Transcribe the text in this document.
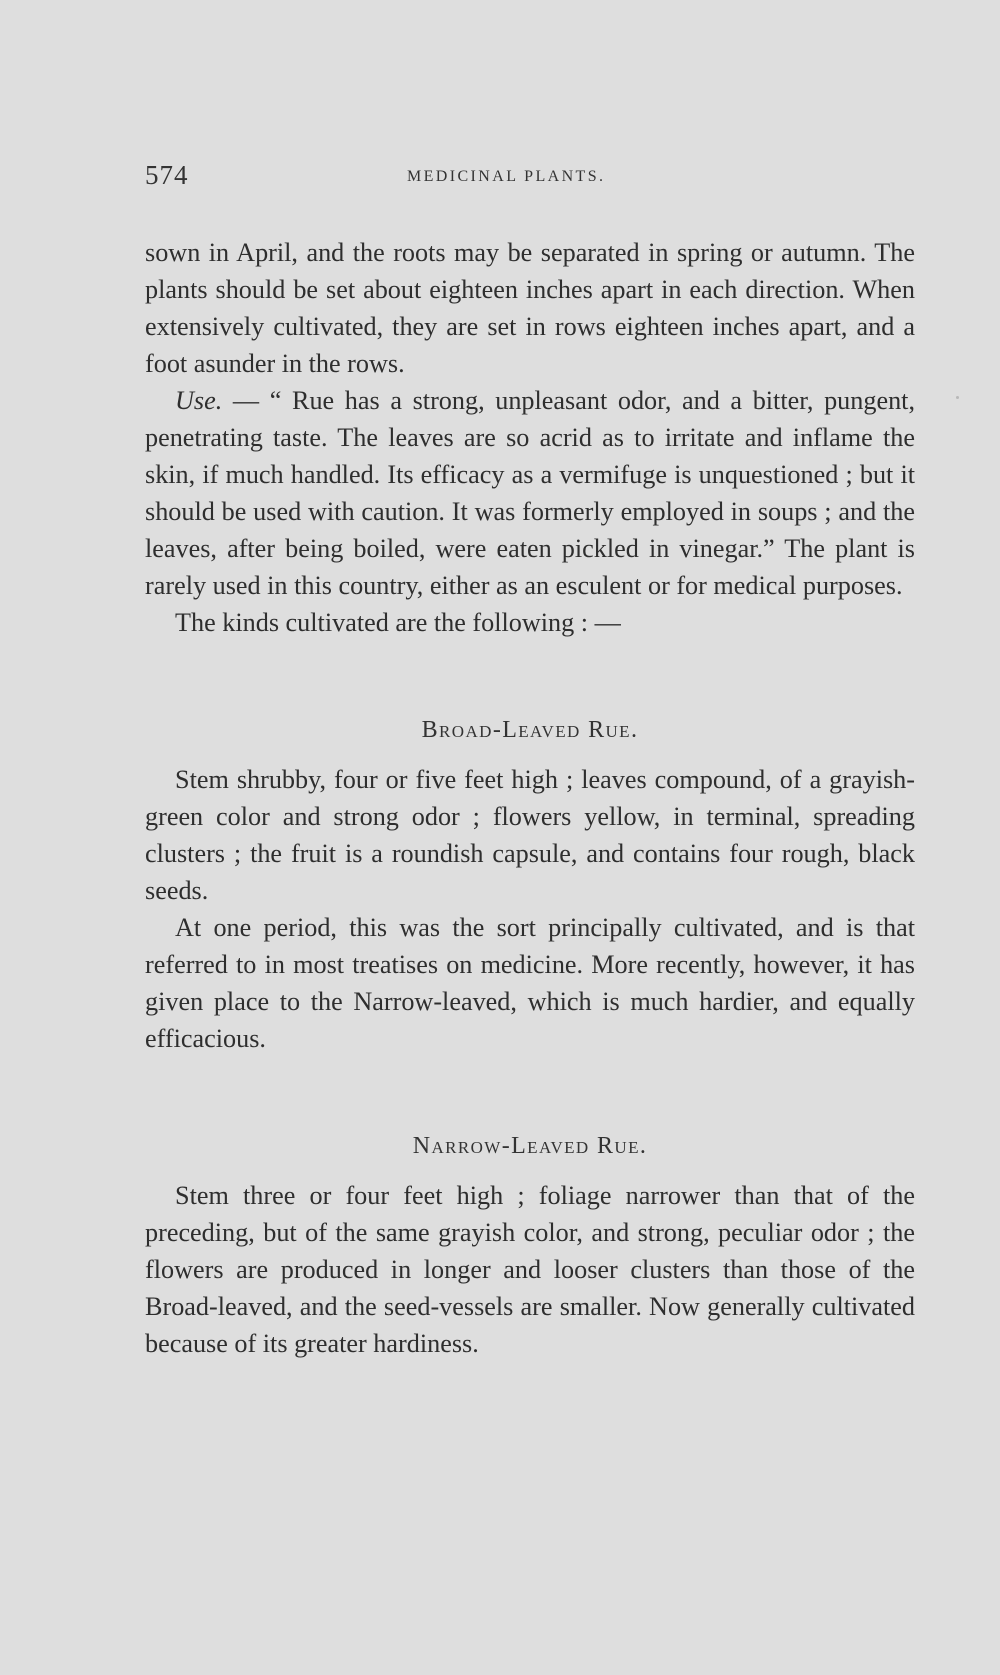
574	MEDICINAL PLANTS.

sown in April, and the roots may be separated in spring or autumn. The plants should be set about eighteen inches apart in each direction. When extensively cultivated, they are set in rows eighteen inches apart, and a foot asunder in the rows.

Use. — “ Rue has a strong, unpleasant odor, and a bitter, pungent, penetrating taste. The leaves are so acrid as to irritate and inflame the skin, if much handled. Its efficacy as a vermifuge is unquestioned ; but it should be used with caution. It was formerly employed in soups ; and the leaves, after being boiled, were eaten pickled in vinegar.” The plant is rarely used in this country, either as an esculent or for medical purposes.

The kinds cultivated are the following : —

Broad-Leaved Rue.

Stem shrubby, four or five feet high ; leaves compound, of a grayish-green color and strong odor ; flowers yellow, in terminal, spreading clusters ; the fruit is a roundish capsule, and contains four rough, black seeds.

At one period, this was the sort principally cultivated, and is that referred to in most treatises on medicine. More recently, however, it has given place to the Narrow-leaved, which is much hardier, and equally efficacious.

Narrow-Leaved Rue.

Stem three or four feet high ; foliage narrower than that of the preceding, but of the same grayish color, and strong, peculiar odor ; the flowers are produced in longer and looser clusters than those of the Broad-leaved, and the seed-vessels are smaller. Now generally cultivated because of its greater hardiness.
